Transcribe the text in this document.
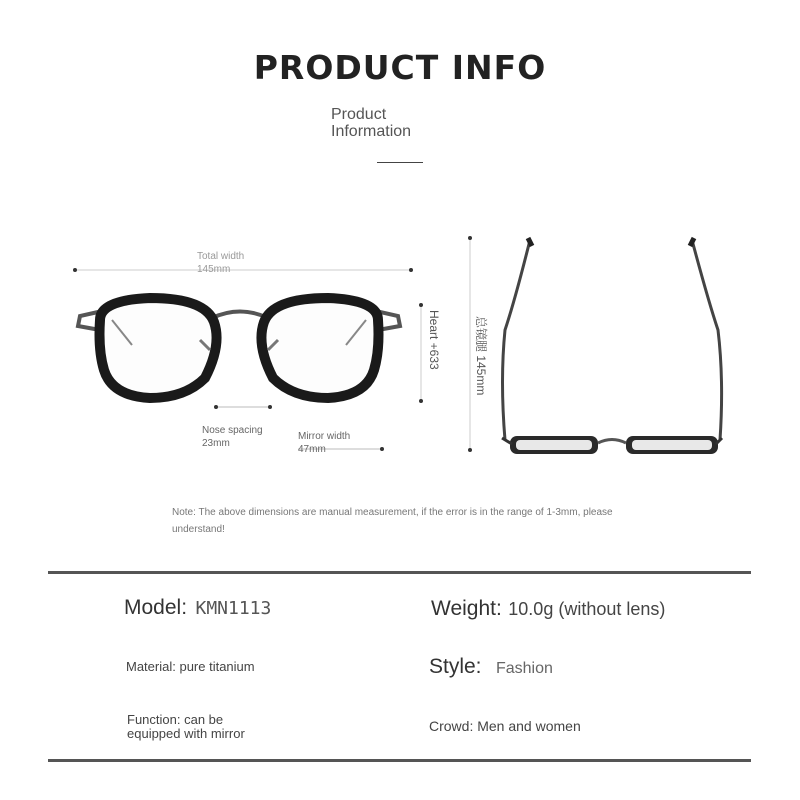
PRODUCT INFO
Product
Information
Total width
145mm
Nose spacing
23mm
Mirror width
47mm
Heart +633	总镜腿 145mm
Note: The above dimensions are manual measurement, if the error is in the range of 1-3mm, please
understand!
Model: KMN1113	Weight: 10.0g (without lens)
Material: pure titanium	Style: Fashion
Function: can be
equipped with mirror	Crowd: Men and women
